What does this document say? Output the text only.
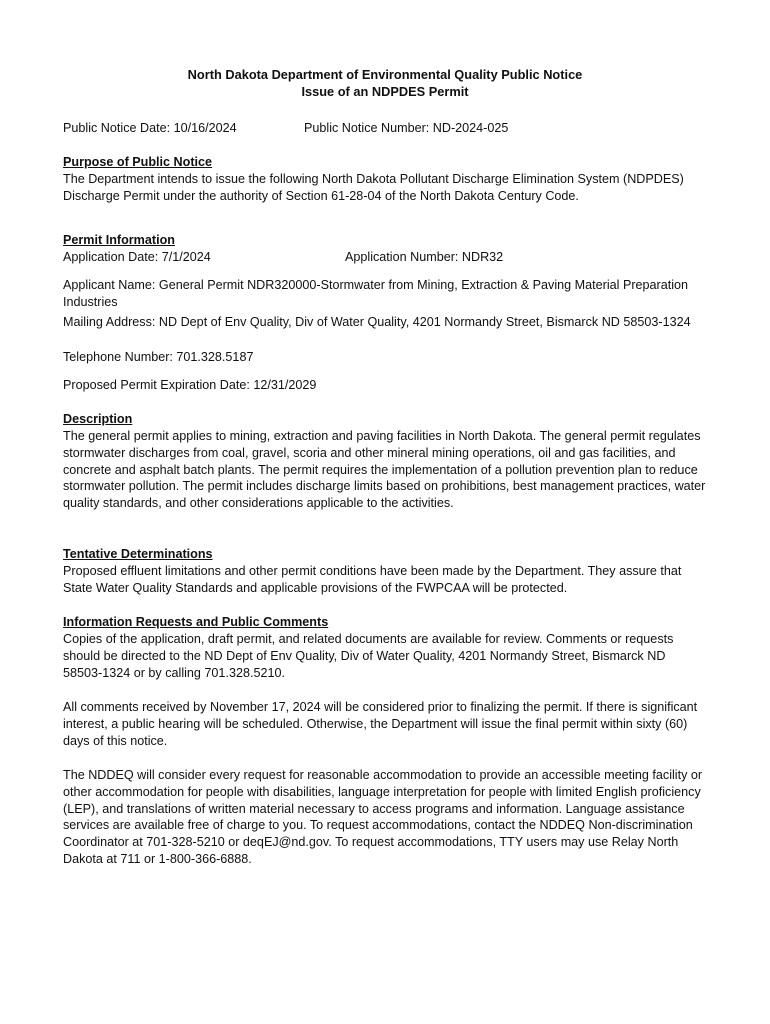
North Dakota Department of Environmental Quality Public Notice
Issue of an NDPDES Permit
Public Notice Date: 10/16/2024	Public Notice Number: ND-2024-025
Purpose of Public Notice
The Department intends to issue the following North Dakota Pollutant Discharge Elimination System (NDPDES) Discharge Permit under the authority of Section 61-28-04 of the North Dakota Century Code.
Permit Information
Application Date: 7/1/2024	Application Number: NDR32
Applicant Name: General Permit NDR320000-Stormwater from Mining, Extraction & Paving Material Preparation Industries
Mailing Address: ND Dept of Env Quality, Div of Water Quality, 4201 Normandy Street, Bismarck ND 58503-1324
Telephone Number: 701.328.5187
Proposed Permit Expiration Date: 12/31/2029
Description
The general permit applies to mining, extraction and paving facilities in North Dakota. The general permit regulates stormwater discharges from coal, gravel, scoria and other mineral mining operations, oil and gas facilities, and concrete and asphalt batch plants. The permit requires the implementation of a pollution prevention plan to reduce stormwater pollution. The permit includes discharge limits based on prohibitions, best management practices, water quality standards, and other considerations applicable to the activities.
Tentative Determinations
Proposed effluent limitations and other permit conditions have been made by the Department. They assure that State Water Quality Standards and applicable provisions of the FWPCAA will be protected.
Information Requests and Public Comments
Copies of the application, draft permit, and related documents are available for review. Comments or requests should be directed to the ND Dept of Env Quality, Div of Water Quality, 4201 Normandy Street, Bismarck ND 58503-1324 or by calling 701.328.5210.
All comments received by November 17, 2024 will be considered prior to finalizing the permit. If there is significant interest, a public hearing will be scheduled. Otherwise, the Department will issue the final permit within sixty (60) days of this notice.
The NDDEQ will consider every request for reasonable accommodation to provide an accessible meeting facility or other accommodation for people with disabilities, language interpretation for people with limited English proficiency (LEP), and translations of written material necessary to access programs and information. Language assistance services are available free of charge to you. To request accommodations, contact the NDDEQ Non-discrimination Coordinator at 701-328-5210 or deqEJ@nd.gov. To request accommodations, TTY users may use Relay North Dakota at 711 or 1-800-366-6888.
